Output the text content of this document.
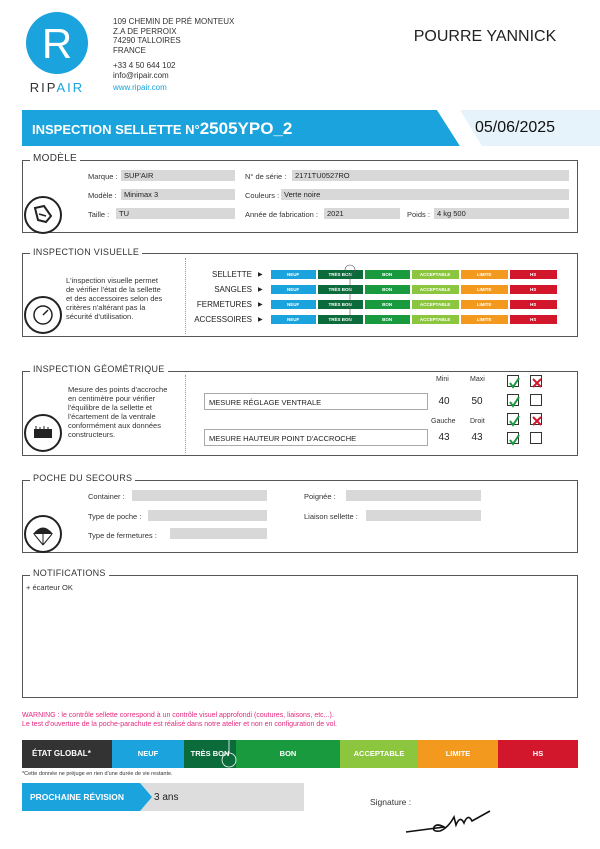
R
RIPAIR
109 CHEMIN DE PRÉ MONTEUX
Z.A DE PERROIX
74290 TALLOIRES
FRANCE
+33 4 50 644 102
info@ripair.com
www.ripair.com
POURRE YANNICK
INSPECTION SELLETTE N°2505YPO_2	05/06/2025
MODÈLE
Marque : SUP'AIR
Modèle : Minimax 3
Taille :	TU
N° de série :	2171TU0527RO
Couleurs : Verte noire
Année de fabrication :	2021	Poids : 4 kg 500
INSPECTION VISUELLE
L'inspection visuelle permet
de vérifier l'état de la sellette
et des accessoires selon des
critères n'altérant pas la
sécurité d'utilisation.
SELLETTE ▶	NEUF	TRÈS BON	BON	ACCEPTABLE	LIMITE	HS
SANGLES ▶	NEUF	TRÈS BON	BON	ACCEPTABLE	LIMITE	HS
FERMETURES ▶	NEUF	TRÈS BON	BON	ACCEPTABLE	LIMITE	HS
ACCESSOIRES ▶	NEUF	TRÈS BON	BON	ACCEPTABLE	LIMITE	HS
INSPECTION GÉOMÉTRIQUE
Mesure des points d'accroche
en centimètre pour vérifier
l'équilibre de la sellette et
l'écartement de la ventrale
conformément aux données
constructeurs.
Mini	Maxi
MESURE RÉGLAGE VENTRALE	40	50
Gauche Droit
MESURE HAUTEUR POINT D'ACCROCHE	43	43
POCHE DU SECOURS
Container :
Type de poche :
Type de fermetures :
Poignée :
Liaison sellette :
NOTIFICATIONS
+ écarteur OK
WARNING : le contrôle sellette correspond à un contrôle visuel approfondi (coutures, liaisons, etc...).
Le test d'ouverture de la poche-parachute est réalisé dans notre atelier et non en configuration de vol.
ÉTAT GLOBAL*	NEUF	TRÈS BON	BON	ACCEPTABLE	LIMITE	HS
*Cette donnée ne préjuge en rien d'une durée de vie restante.
PROCHAINE RÉVISION	3 ans	Signature :
